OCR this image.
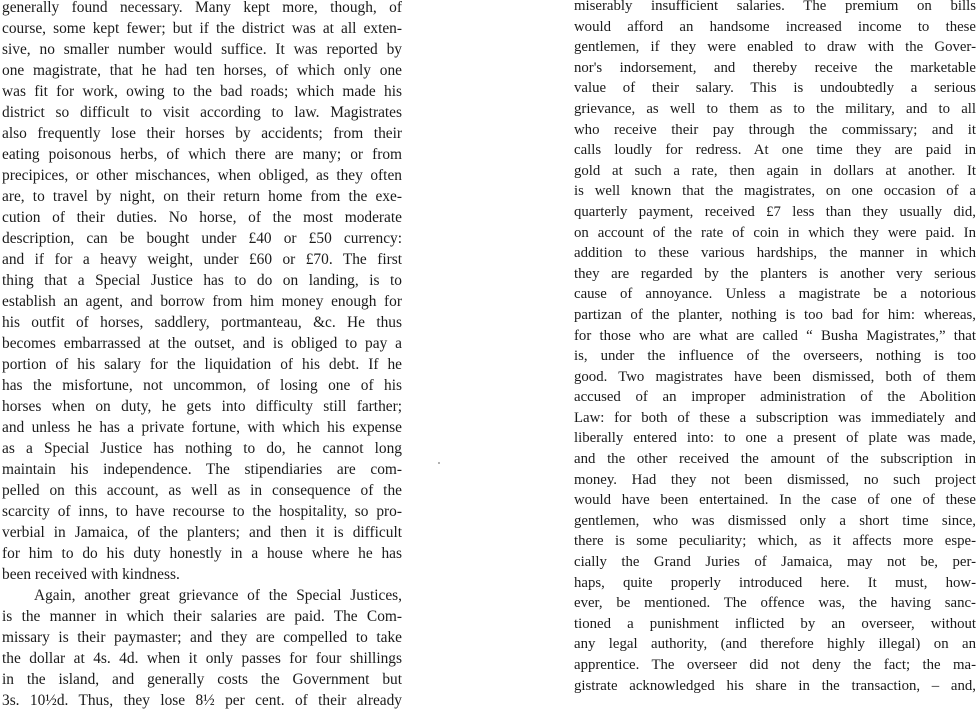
generally found necessary. Many kept more, though, of
course, some kept fewer; but if the district was at all exten-
sive, no smaller number would suffice. It was reported by
one magistrate, that he had ten horses, of which only one
was fit for work, owing to the bad roads; which made his
district so difficult to visit according to law. Magistrates
also frequently lose their horses by accidents; from their
eating poisonous herbs, of which there are many; or from
precipices, or other mischances, when obliged, as they often
are, to travel by night, on their return home from the exe-
cution of their duties. No horse, of the most moderate
description, can be bought under £40 or £50 currency:
and if for a heavy weight, under £60 or £70. The first
thing that a Special Justice has to do on landing, is to
establish an agent, and borrow from him money enough for
his outfit of horses, saddlery, portmanteau, &c. He thus
becomes embarrassed at the outset, and is obliged to pay a
portion of his salary for the liquidation of his debt. If he
has the misfortune, not uncommon, of losing one of his
horses when on duty, he gets into difficulty still farther;
and unless he has a private fortune, with which his expense
as a Special Justice has nothing to do, he cannot long
maintain his independence. The stipendiaries are com-
pelled on this account, as well as in consequence of the
scarcity of inns, to have recourse to the hospitality, so pro-
verbial in Jamaica, of the planters; and then it is difficult
for him to do his duty honestly in a house where he has
been received with kindness.
Again, another great grievance of the Special Justices,
is the manner in which their salaries are paid. The Com-
missary is their paymaster; and they are compelled to take
the dollar at 4s. 4d. when it only passes for four shillings
in the island, and generally costs the Government but
3s. 10½d. Thus, they lose 8½ per cent. of their already
miserably insufficient salaries. The premium on bills
would afford an handsome increased income to these
gentlemen, if they were enabled to draw with the Gover-
nor's indorsement, and thereby receive the marketable
value of their salary. This is undoubtedly a serious
grievance, as well to them as to the military, and to all
who receive their pay through the commissary; and it
calls loudly for redress. At one time they are paid in
gold at such a rate, then again in dollars at another. It
is well known that the magistrates, on one occasion of a
quarterly payment, received £7 less than they usually did,
on account of the rate of coin in which they were paid. In
addition to these various hardships, the manner in which
they are regarded by the planters is another very serious
cause of annoyance. Unless a magistrate be a notorious
partizan of the planter, nothing is too bad for him: whereas,
for those who are what are called “ Busha Magistrates,” that
is, under the influence of the overseers, nothing is too
good. Two magistrates have been dismissed, both of them
accused of an improper administration of the Abolition
Law: for both of these a subscription was immediately and
liberally entered into: to one a present of plate was made,
and the other received the amount of the subscription in
money. Had they not been dismissed, no such project
would have been entertained. In the case of one of these
gentlemen, who was dismissed only a short time since,
there is some peculiarity; which, as it affects more espe-
cially the Grand Juries of Jamaica, may not be, per-
haps, quite properly introduced here. It must, how-
ever, be mentioned. The offence was, the having sanc-
tioned a punishment inflicted by an overseer, without
any legal authority, (and therefore highly illegal) on an
apprentice. The overseer did not deny the fact; the ma-
gistrate acknowledged his share in the transaction, – and,
